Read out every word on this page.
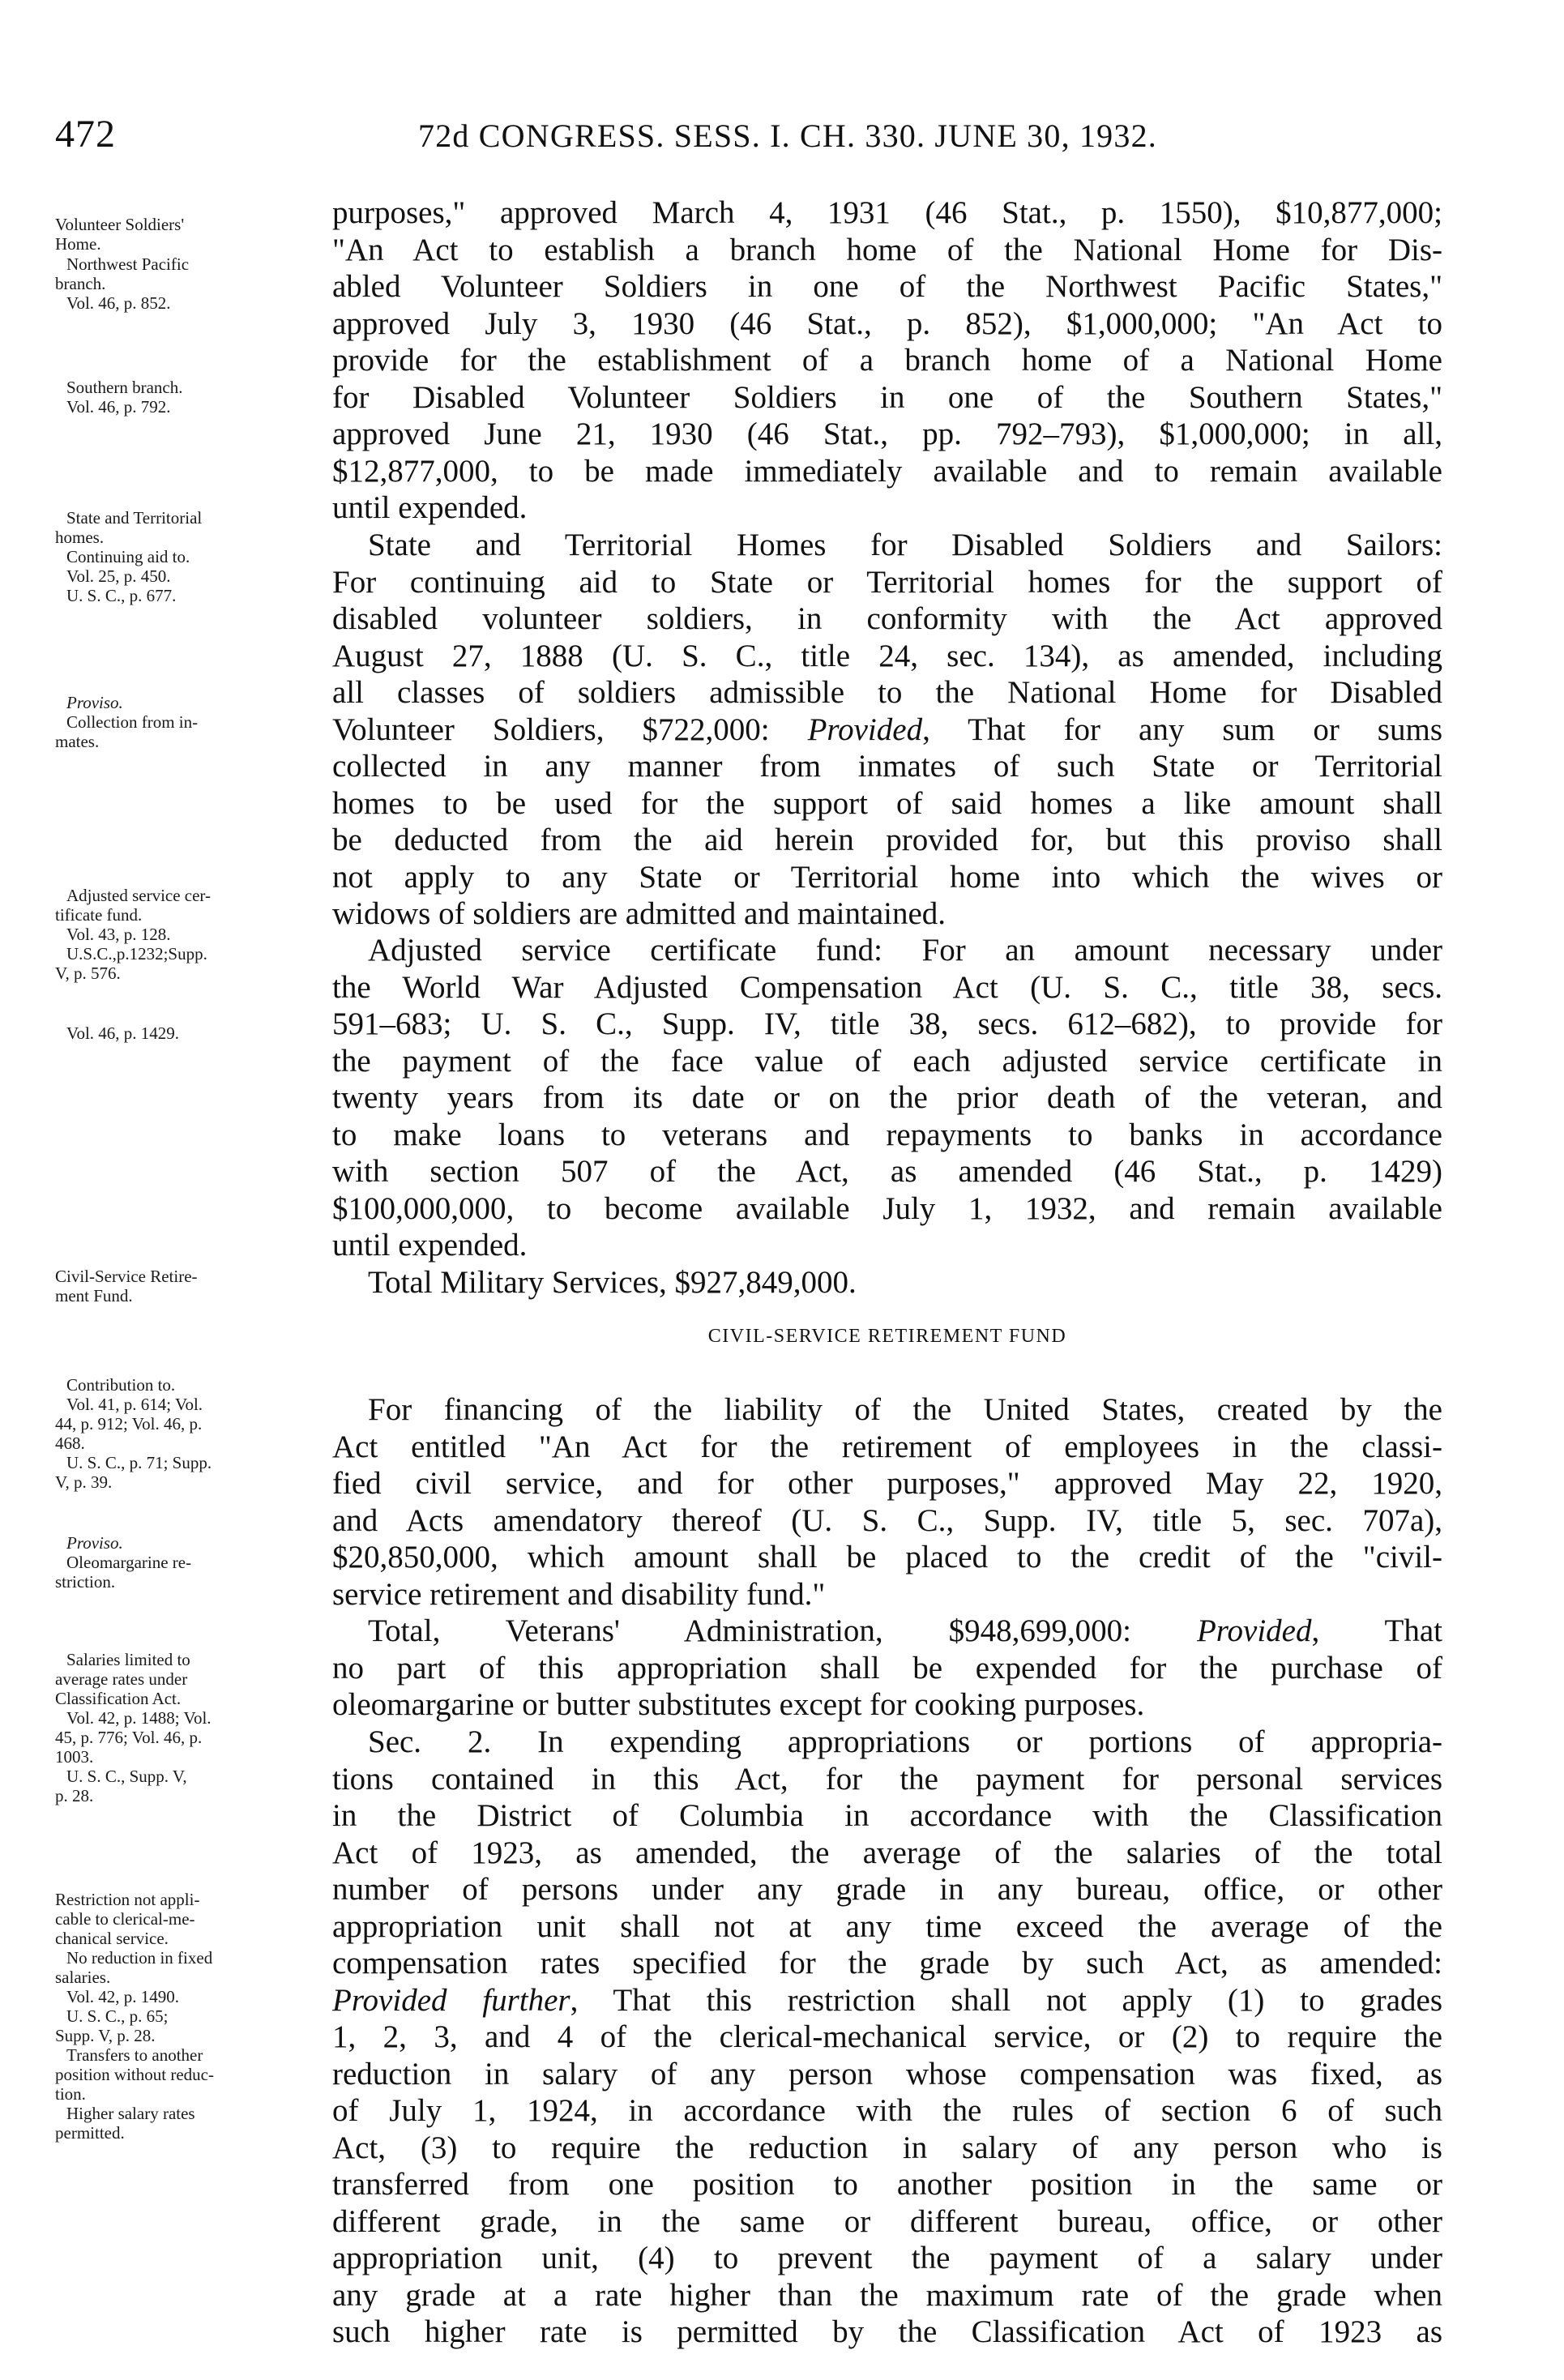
472	72d CONGRESS. SESS. I. CH. 330. JUNE 30, 1932.
Volunteer Soldiers'
Home.
Northwest Pacific
branch.
Vol. 46, p. 852.
Southern branch.
Vol. 46, p. 792.
State and Territorial
homes.
Continuing aid to.
Vol. 25, p. 450.
U. S. C., p. 677.
Proviso.
Collection from in-
mates.
Adjusted service cer-
tificate fund.
Vol. 43, p. 128.
U.S.C.,p.1232;Supp.
V, p. 576.
Vol. 46, p. 1429.
Civil-Service Retire-
ment Fund.
Contribution to.
Vol. 41, p. 614; Vol.
44, p. 912; Vol. 46, p.
468.
U. S. C., p. 71; Supp.
V, p. 39.
Proviso.
Oleomargarine re-
striction.
Salaries limited to
average rates under
Classification Act.
Vol. 42, p. 1488; Vol.
45, p. 776; Vol. 46, p.
1003.
U. S. C., Supp. V,
p. 28.
Restriction not appli-
cable to clerical-me-
chanical service.
No reduction in fixed
salaries.
Vol. 42, p. 1490.
U. S. C., p. 65;
Supp. V, p. 28.
Transfers to another
position without reduc-
tion.
Higher salary rates
permitted.
purposes," approved March 4, 1931 (46 Stat., p. 1550), $10,877,000;
"An Act to establish a branch home of the National Home for Dis-
abled Volunteer Soldiers in one of the Northwest Pacific States,"
approved July 3, 1930 (46 Stat., p. 852), $1,000,000; "An Act to
provide for the establishment of a branch home of a National Home
for Disabled Volunteer Soldiers in one of the Southern States,"
approved June 21, 1930 (46 Stat., pp. 792–793), $1,000,000; in all,
$12,877,000, to be made immediately available and to remain available
until expended.
State and Territorial Homes for Disabled Soldiers and Sailors:
For continuing aid to State or Territorial homes for the support of
disabled volunteer soldiers, in conformity with the Act approved
August 27, 1888 (U. S. C., title 24, sec. 134), as amended, including
all classes of soldiers admissible to the National Home for Disabled
Volunteer Soldiers, $722,000: Provided, That for any sum or sums
collected in any manner from inmates of such State or Territorial
homes to be used for the support of said homes a like amount shall
be deducted from the aid herein provided for, but this proviso shall
not apply to any State or Territorial home into which the wives or
widows of soldiers are admitted and maintained.
Adjusted service certificate fund: For an amount necessary under
the World War Adjusted Compensation Act (U. S. C., title 38, secs.
591–683; U. S. C., Supp. IV, title 38, secs. 612–682), to provide for
the payment of the face value of each adjusted service certificate in
twenty years from its date or on the prior death of the veteran, and
to make loans to veterans and repayments to banks in accordance
with section 507 of the Act, as amended (46 Stat., p. 1429)
$100,000,000, to become available July 1, 1932, and remain available
until expended.
Total Military Services, $927,849,000.
CIVIL-SERVICE RETIREMENT FUND
For financing of the liability of the United States, created by the
Act entitled "An Act for the retirement of employees in the classi-
fied civil service, and for other purposes," approved May 22, 1920,
and Acts amendatory thereof (U. S. C., Supp. IV, title 5, sec. 707a),
$20,850,000, which amount shall be placed to the credit of the "civil-
service retirement and disability fund."
Total, Veterans' Administration, $948,699,000: Provided, That
no part of this appropriation shall be expended for the purchase of
oleomargarine or butter substitutes except for cooking purposes.
Sec. 2. In expending appropriations or portions of appropria-
tions contained in this Act, for the payment for personal services
in the District of Columbia in accordance with the Classification
Act of 1923, as amended, the average of the salaries of the total
number of persons under any grade in any bureau, office, or other
appropriation unit shall not at any time exceed the average of the
compensation rates specified for the grade by such Act, as amended:
Provided further, That this restriction shall not apply (1) to grades
1, 2, 3, and 4 of the clerical-mechanical service, or (2) to require the
reduction in salary of any person whose compensation was fixed, as
of July 1, 1924, in accordance with the rules of section 6 of such
Act, (3) to require the reduction in salary of any person who is
transferred from one position to another position in the same or
different grade, in the same or different bureau, office, or other
appropriation unit, (4) to prevent the payment of a salary under
any grade at a rate higher than the maximum rate of the grade when
such higher rate is permitted by the Classification Act of 1923 as
